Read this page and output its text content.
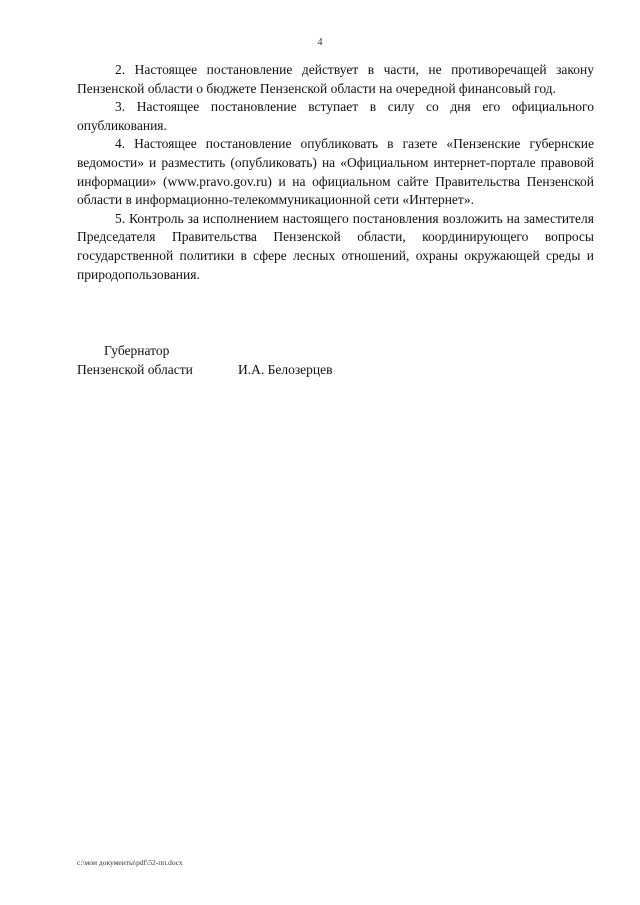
4

2. Настоящее постановление действует в части, не противоречащей закону Пензенской области о бюджете Пензенской области на очередной финансовый год.

3. Настоящее постановление вступает в силу со дня его официального опубликования.

4. Настоящее постановление опубликовать в газете «Пензенские губернские ведомости» и разместить (опубликовать) на «Официальном интернет-портале правовой информации» (www.pravo.gov.ru) и на официальном сайте Правительства Пензенской области в информационно-телекоммуникационной сети «Интернет».

5. Контроль за исполнением настоящего постановления возложить на заместителя Председателя Правительства Пензенской области, координирующего вопросы государственной политики в сфере лесных отношений, охраны окружающей среды и природопользования.

Губернатор
Пензенской области	И.А. Белозерцев
c:\мои документы\pdf\52-пп.docx
